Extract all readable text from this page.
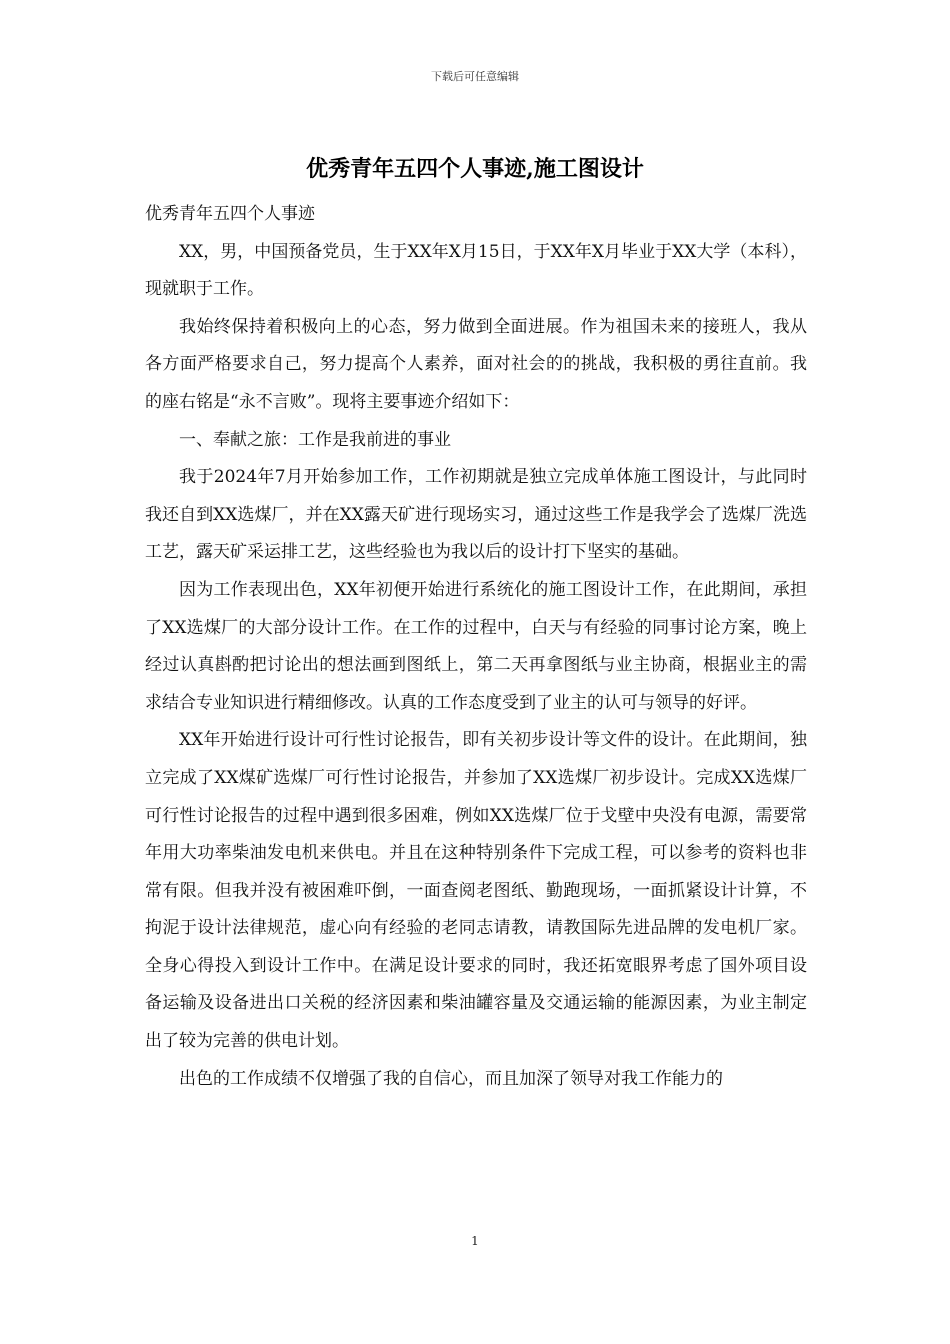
下载后可任意编辑
优秀青年五四个人事迹,施工图设计

优秀青年五四个人事迹

XX，男，中国预备党员，生于XX年X月15日，于XX年X月毕业于XX大学（本科），现就职于工作。

我始终保持着积极向上的心态，努力做到全面进展。作为祖国未来的接班人，我从各方面严格要求自己，努力提高个人素养，面对社会的的挑战，我积极的勇往直前。我的座右铭是“永不言败”。现将主要事迹介绍如下：

一、奉献之旅：工作是我前进的事业

我于2024年7月开始参加工作，工作初期就是独立完成单体施工图设计，与此同时我还自到XX选煤厂，并在XX露天矿进行现场实习，通过这些工作是我学会了选煤厂洗选工艺，露天矿采运排工艺，这些经验也为我以后的设计打下坚实的基础。

因为工作表现出色，XX年初便开始进行系统化的施工图设计工作，在此期间，承担了XX选煤厂的大部分设计工作。在工作的过程中，白天与有经验的同事讨论方案，晚上经过认真斟酌把讨论出的想法画到图纸上，第二天再拿图纸与业主协商，根据业主的需求结合专业知识进行精细修改。认真的工作态度受到了业主的认可与领导的好评。

XX年开始进行设计可行性讨论报告，即有关初步设计等文件的设计。在此期间，独立完成了XX煤矿选煤厂可行性讨论报告，并参加了XX选煤厂初步设计。完成XX选煤厂可行性讨论报告的过程中遇到很多困难，例如XX选煤厂位于戈壁中央没有电源，需要常年用大功率柴油发电机来供电。并且在这种特别条件下完成工程，可以参考的资料也非常有限。但我并没有被困难吓倒，一面查阅老图纸、勤跑现场，一面抓紧设计计算，不拘泥于设计法律规范，虚心向有经验的老同志请教，请教国际先进品牌的发电机厂家。全身心得投入到设计工作中。在满足设计要求的同时，我还拓宽眼界考虑了国外项目设备运输及设备进出口关税的经济因素和柴油罐容量及交通运输的能源因素，为业主制定出了较为完善的供电计划。

出色的工作成绩不仅增强了我的自信心，而且加深了领导对我工作能力的

1
